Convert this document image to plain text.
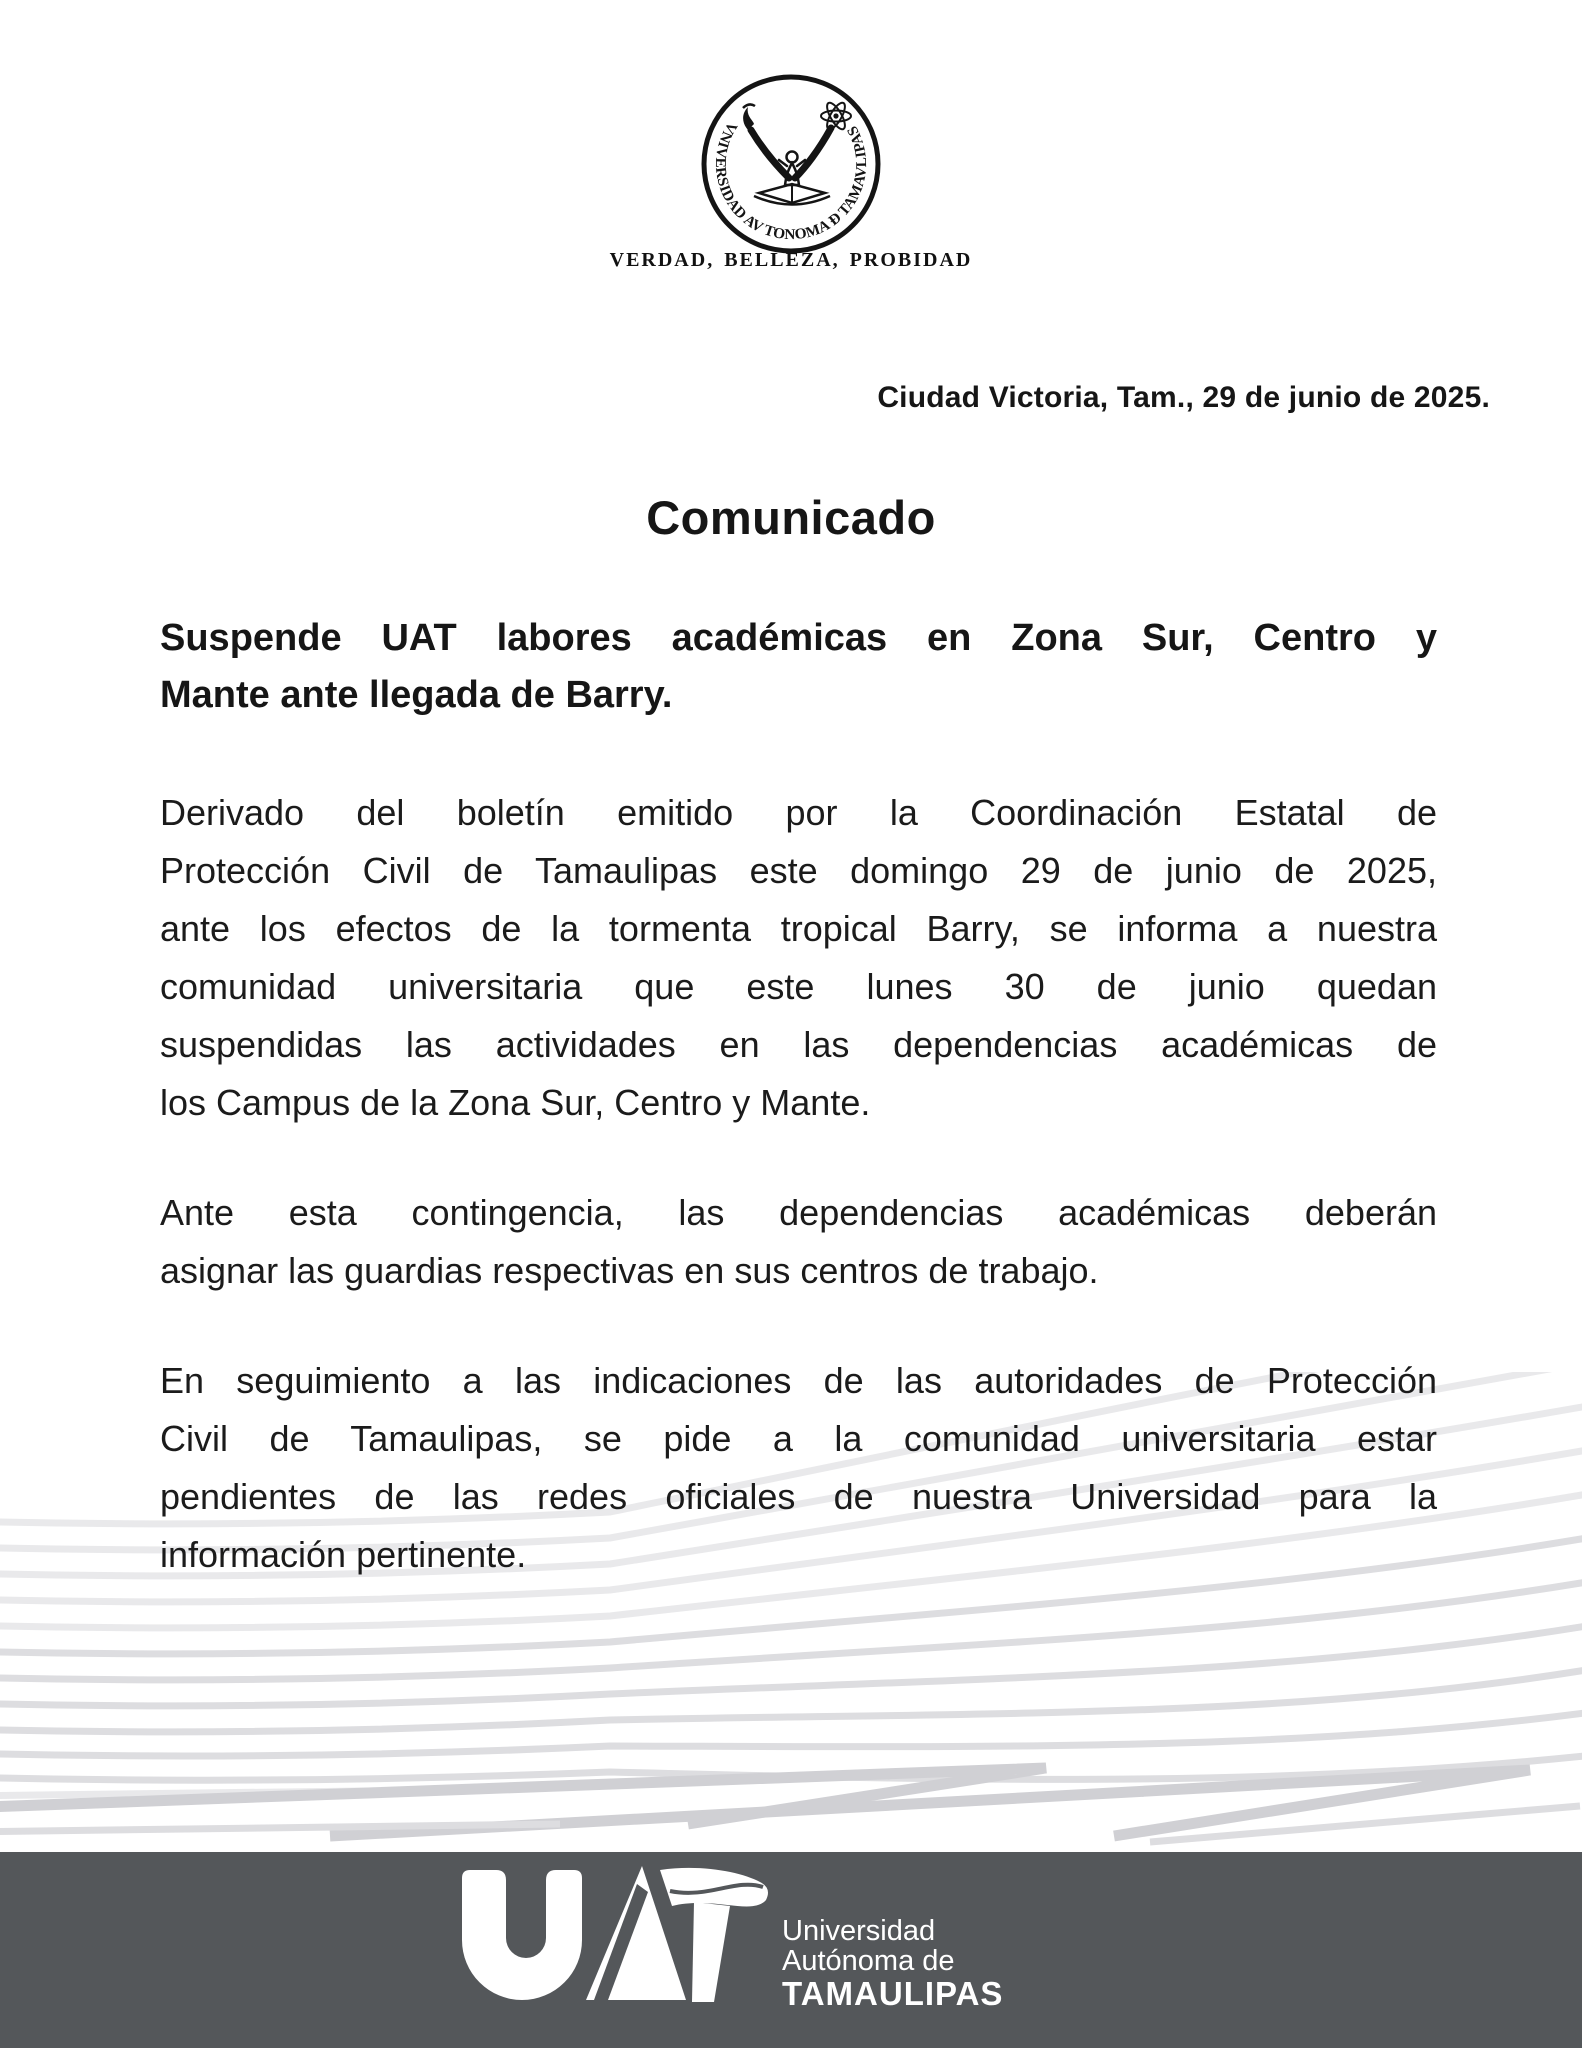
VNIVERSIDAD AV TONOMA Đ TAMAVLIPAS
VERDAD, BELLEZA, PROBIDAD
Ciudad Victoria, Tam., 29 de junio de 2025.
Comunicado
Suspende UAT labores académicas en Zona Sur, Centro y
Mante ante llegada de Barry.
Derivado del boletín emitido por la Coordinación Estatal de
Protección Civil de Tamaulipas este domingo 29 de junio de 2025,
ante los efectos de la tormenta tropical Barry, se informa a nuestra
comunidad universitaria que este lunes 30 de junio quedan
suspendidas las actividades en las dependencias académicas de
los Campus de la Zona Sur, Centro y Mante.
Ante esta contingencia, las dependencias académicas deberán
asignar las guardias respectivas en sus centros de trabajo.
En seguimiento a las indicaciones de las autoridades de Protección
Civil de Tamaulipas, se pide a la comunidad universitaria estar
pendientes de las redes oficiales de nuestra Universidad para la
información pertinente.
Universidad
Autónoma de
TAMAULIPAS
